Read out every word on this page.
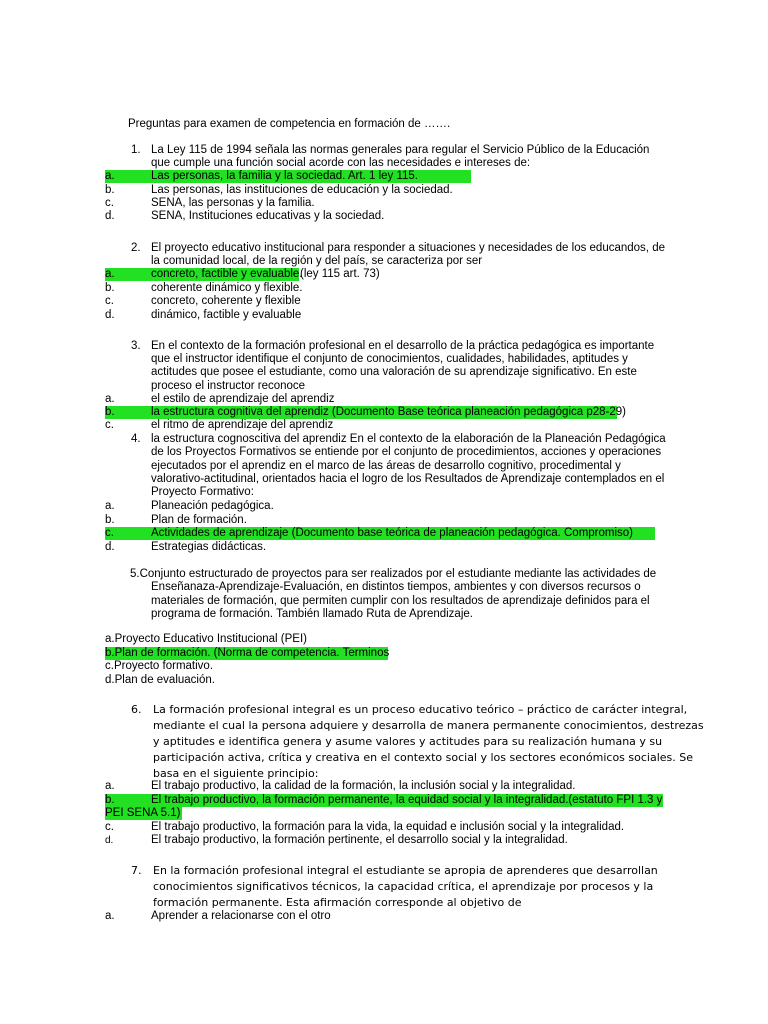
Preguntas para examen de competencia en formación de …….
1. La Ley 115 de 1994 señala las normas generales para regular el Servicio Público de la Educación
que cumple una función social acorde con las necesidades e intereses de:
a.	Las personas, la familia y la sociedad. Art. 1 ley 115.
b.	Las personas, las instituciones de educación y la sociedad.
c.	SENA, las personas y la familia.
d.	SENA, Instituciones educativas y la sociedad.
2. El proyecto educativo institucional para responder a situaciones y necesidades de los educandos, de
la comunidad local, de la región y del país, se caracteriza por ser
a.	concreto, factible y evaluable.
(ley 115 art. 73)
b.	coherente dinámico y flexible.
c.	concreto, coherente y flexible
d.	dinámico, factible y evaluable
3. En el contexto de la formación profesional en el desarrollo de la práctica pedagógica es importante
que el instructor identifique el conjunto de conocimientos, cualidades, habilidades, aptitudes y
actitudes que posee el estudiante, como una valoración de su aprendizaje significativo. En este
proceso el instructor reconoce
a.	el estilo de aprendizaje del aprendiz
b.	la estructura cognitiva del aprendiz (Documento Base teórica planeación pedagógica p28-29)
c.	el ritmo de aprendizaje del aprendiz
4. la estructura cognoscitiva del aprendiz En el contexto de la elaboración de la Planeación Pedagógica
de los Proyectos Formativos se entiende por el conjunto de procedimientos, acciones y operaciones
ejecutados por el aprendiz en el marco de las áreas de desarrollo cognitivo, procedimental y
valorativo-actitudinal, orientados hacia el logro de los Resultados de Aprendizaje contemplados en el
Proyecto Formativo:
a.	Planeación pedagógica.
b.	Plan de formación.
c.	Actividades de aprendizaje (Documento base teórica de planeación pedagógica. Compromiso)
d.	Estrategias didácticas.
5.Conjunto estructurado de proyectos para ser realizados por el estudiante mediante las actividades de
Enseñanaza-Aprendizaje-Evaluación, en distintos tiempos, ambientes y con diversos recursos o
materiales de formación, que permiten cumplir con los resultados de aprendizaje definidos para el
programa de formación. También llamado Ruta de Aprendizaje.
a.Proyecto Educativo Institucional (PEI)
b.Plan de formación. (Norma de competencia. Terminos
c.Proyecto formativo.
d.Plan de evaluación.
6. La formación profesional integral es un proceso educativo teórico – práctico de carácter integral,
mediante el cual la persona adquiere y desarrolla de manera permanente conocimientos, destrezas
y aptitudes e identifica genera y asume valores y actitudes para su realización humana y su
participación activa, crítica y creativa en el contexto social y los sectores económicos sociales. Se
basa en el siguiente principio:
a.	El trabajo productivo, la calidad de la formación, la inclusión social y la integralidad.
b.	El trabajo productivo, la formación permanente, la equidad social y la integralidad.(estatuto FPI 1.3 y
PEI SENA 5.1)
c.	El trabajo productivo, la formación para la vida, la equidad e inclusión social y la integralidad.
d.	El trabajo productivo, la formación pertinente, el desarrollo social y la integralidad.
7. En la formación profesional integral el estudiante se apropia de aprenderes que desarrollan
conocimientos significativos técnicos, la capacidad crítica, el aprendizaje por procesos y la
formación permanente. Esta afirmación corresponde al objetivo de
a.	Aprender a relacionarse con el otro
